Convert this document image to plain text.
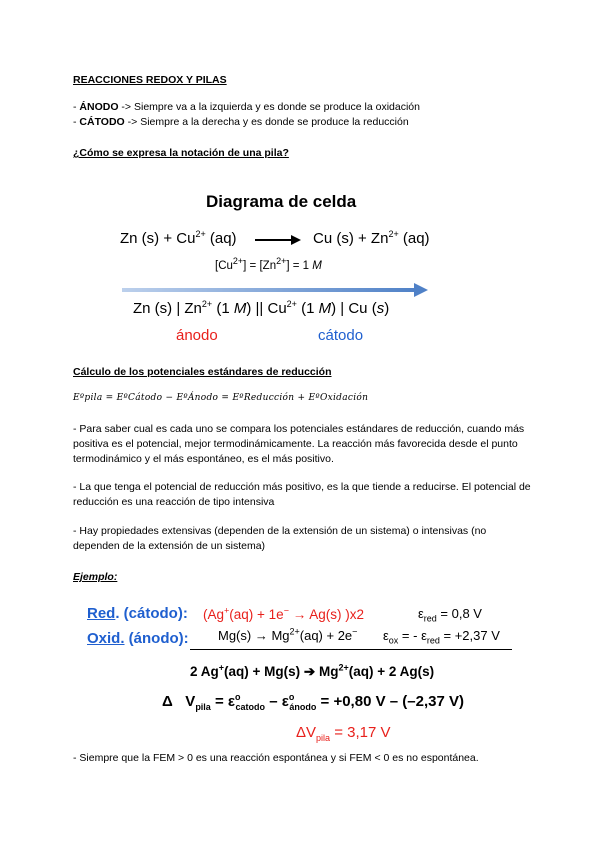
REACCIONES REDOX Y PILAS
- ÁNODO -> Siempre va a la izquierda y es donde se produce la oxidación
- CÁTODO -> Siempre a la derecha y es donde se produce la reducción
¿Cómo se expresa la notación de una pila?
Diagrama de celda
Zn $(s) + Cu^{2+}$ (aq) → Cu $(s) + Zn^{2+}$ (aq)
$[Cu^{2+}] = [Zn^{2+}] = 1$ M
Zn (s) | $Zn^{2+}$ (1 M) || $Cu^{2+}$ (1 M) | Cu (s)
ánodo	cátodo
Cálculo de los potenciales estándares de reducción
Eºpila = EºCátodo − EºÁnodo = EºReducción + EºOxidación
- Para saber cual es cada uno se compara los potenciales estándares de reducción, cuando más positiva es el potencial, mejor termodinámicamente. La reacción más favorecida desde el punto termodinámico y el más espontáneo, es el más positivo.
- La que tenga el potencial de reducción más positivo, es la que tiende a reducirse. El potencial de reducción es una reacción de tipo intensiva
- Hay propiedades extensivas (dependen de la extensión de un sistema) o intensivas (no dependen de la extensión de un sistema)
Ejemplo:
Red. (cátodo): (Ag+(aq) + 1e− → Ag(s) )x2	$\varepsilon_{red} = 0,8$ V
Oxid. (ánodo): $Mg(s) \to Mg^{2+}(aq) + 2e^-$ $\varepsilon_{ox}$ = - $\varepsilon_{red} = +2,37$ V
2 Ag+(aq) + Mg(s) ➔ $Mg^{2+}(aq) + 2$ Ag(s)
Δ $V_{pila} = \varepsilon^o_{catodo} - \varepsilon^o_{ánodo} = +0,80$ V – (–2,37 V)
$\Delta V_{pila} = 3,17$ V
- Siempre que la FEM > 0 es una reacción espontánea y si FEM < 0 es no espontánea.
